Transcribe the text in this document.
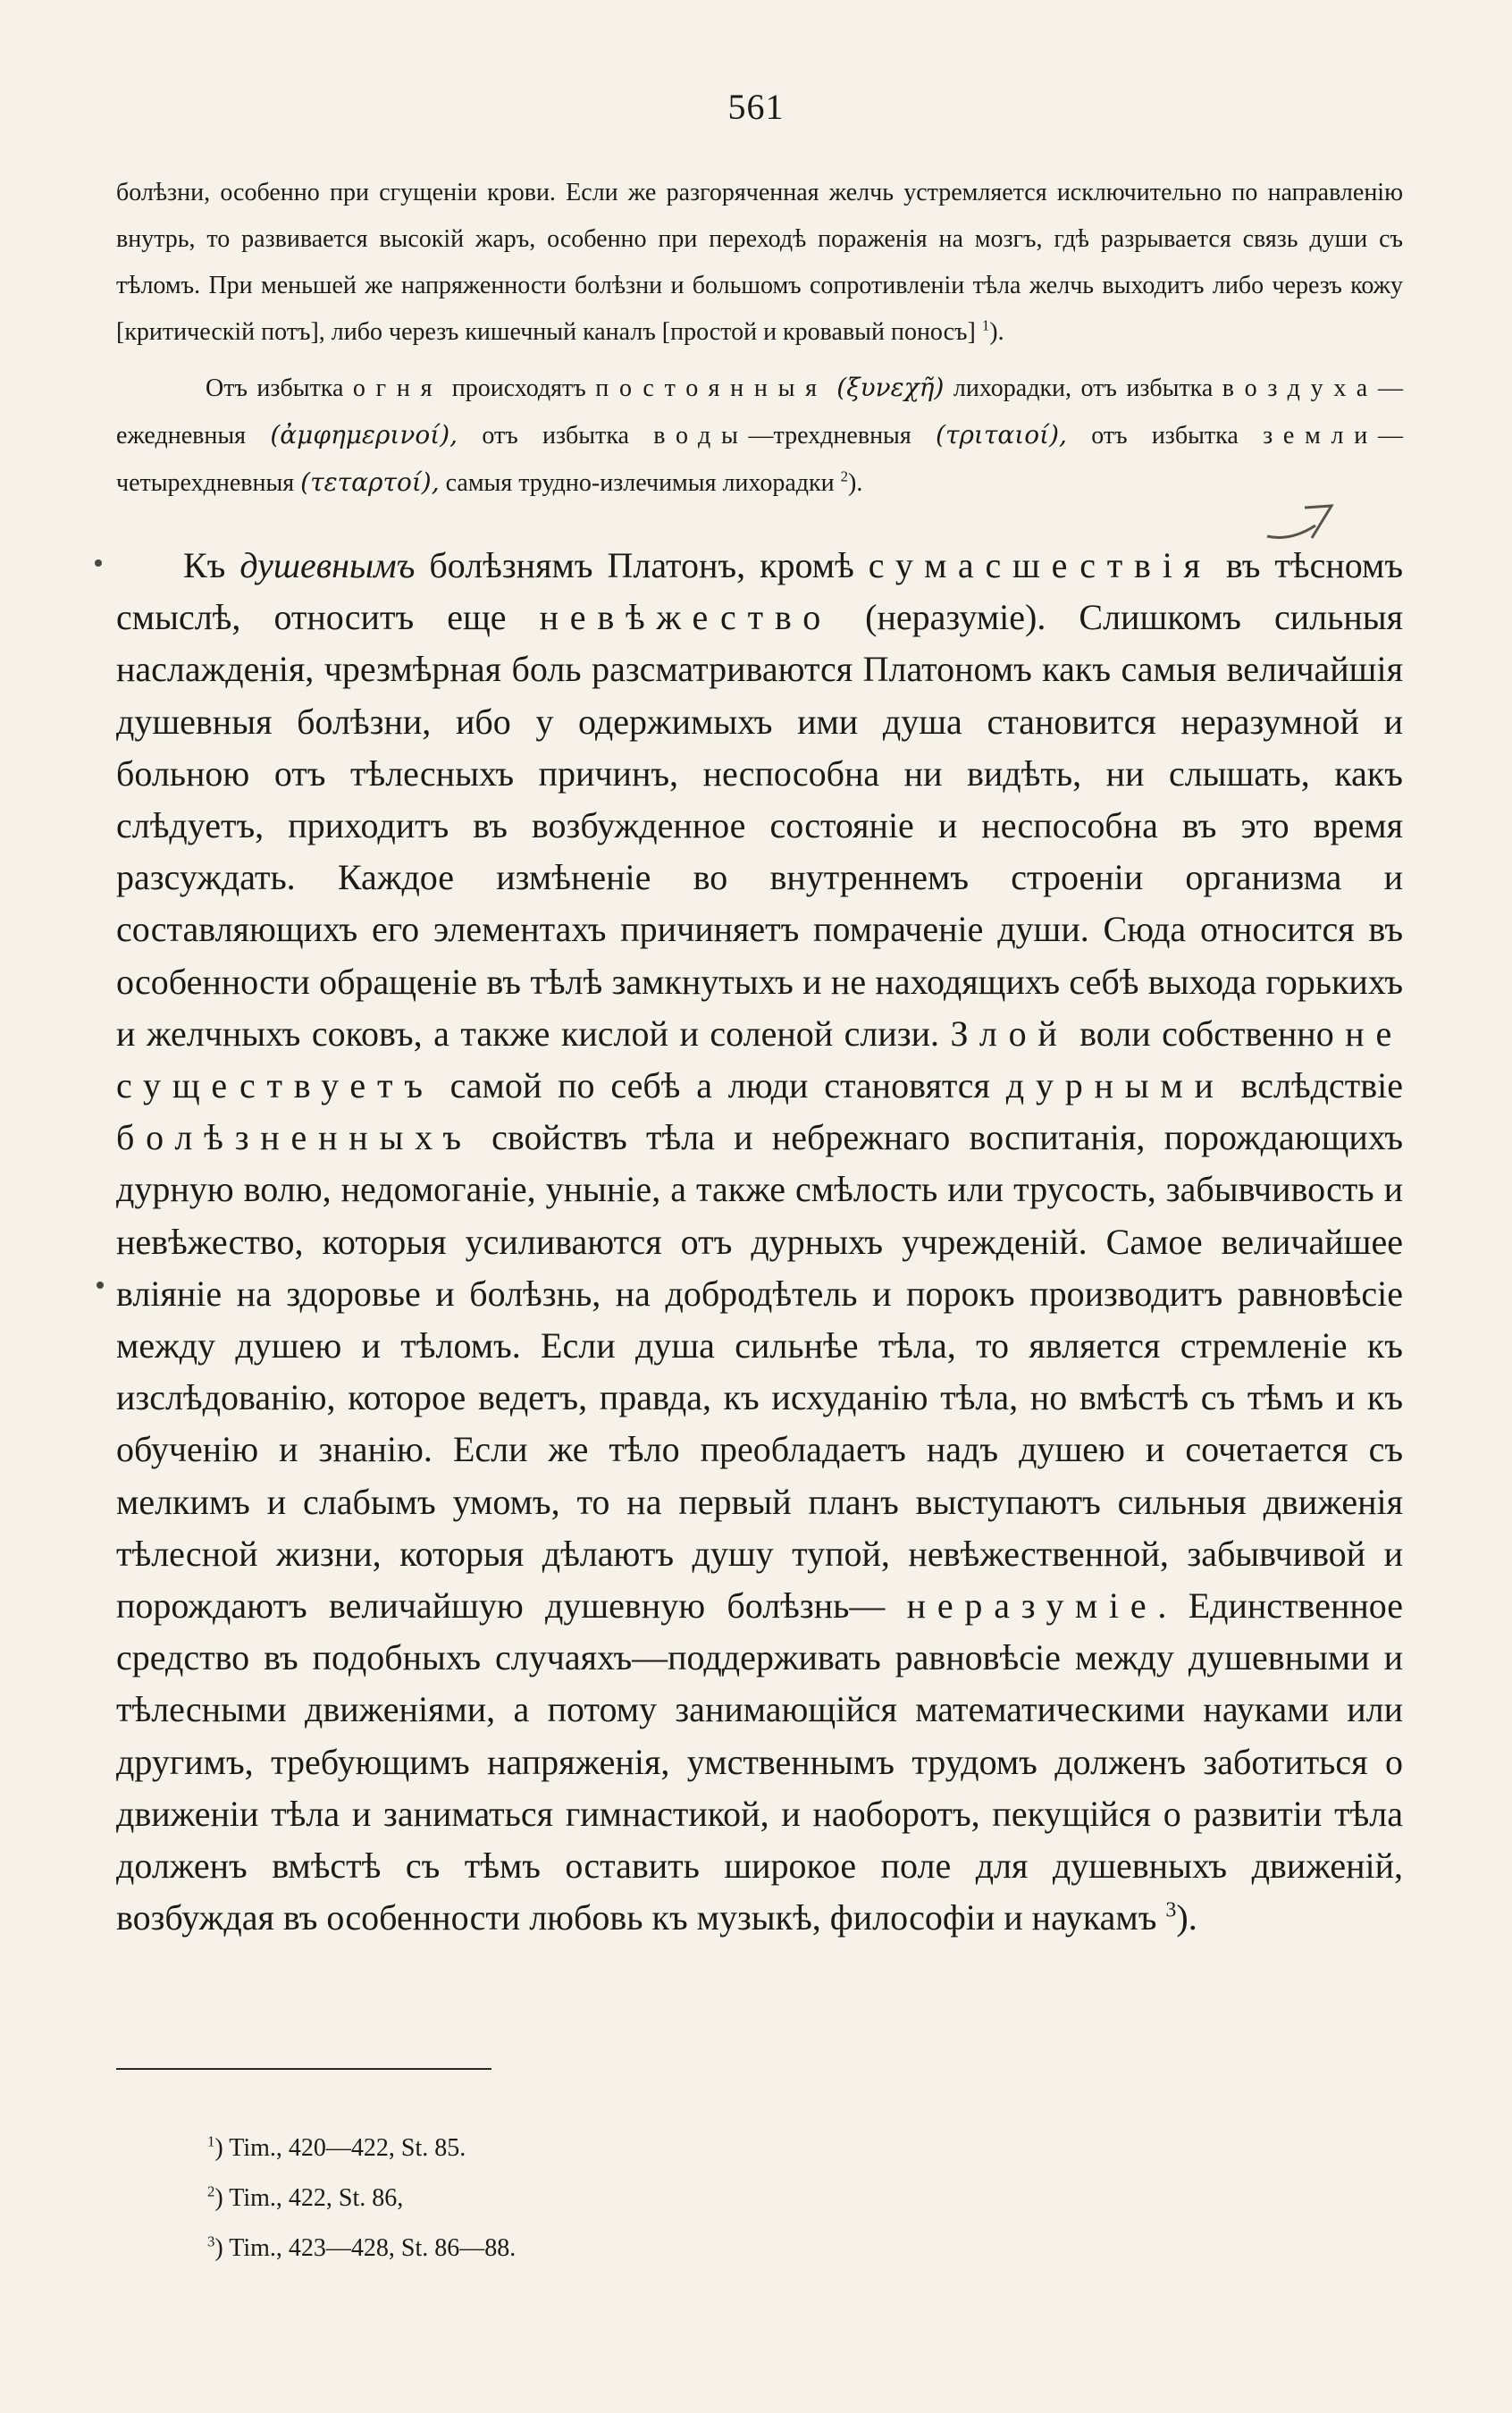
561

болѣзни, особенно при сгущеніи крови. Если же разгоряченная желчь устремляется исключительно по направленію внутрь, то развивается высокій жаръ, особенно при переходѣ пораженія на мозгъ, гдѣ разрывается связь души съ тѣломъ. При меньшей же напряженности болѣзни и большомъ сопротивленіи тѣла желчь выходитъ либо черезъ кожу [критическій потъ], либо черезъ кишечный каналъ [простой и кровавый поносъ] $^1$).

Отъ избытка огня происходятъ постоянныя (ξυνεχῆ) лихорадки, отъ избытка воздуха—ежедневныя (ἀμφημερινοί), отъ избытка воды—трехдневныя (τριταιοί), отъ избытка земли—четырехдневныя (τεταρτοί), самыя трудно-излечимыя лихорадки $^2$).

Къ душевнымъ болѣзнямъ Платонъ, кромѣ сумасшествія въ тѣсномъ смыслѣ, относитъ еще невѣжество (неразуміе). Слишкомъ сильныя наслажденія, чрезмѣрная боль разсматриваются Платономъ какъ самыя величайшія душевныя болѣзни, ибо у одержимыхъ ими душа становится неразумной и больною отъ тѣлесныхъ причинъ, неспособна ни видѣть, ни слышать, какъ слѣдуетъ, приходитъ въ возбужденное состояніе и неспособна въ это время разсуждать. Каждое измѣненіе во внутреннемъ строеніи организма и составляющихъ его элементахъ причиняетъ помраченіе души. Сюда относится въ особенности обращеніе въ тѣлѣ замкнутыхъ и не находящихъ себѣ выхода горькихъ и желчныхъ соковъ, а также кислой и соленой слизи. Злой воли собственно не существуетъ самой по себѣ а люди становятся дурными вслѣдствіе болѣзненныхъ свойствъ тѣла и небрежнаго воспитанія, порождающихъ дурную волю, недомоганіе, уныніе, а также смѣлость или трусость, забывчивость и невѣжество, которыя усиливаются отъ дурныхъ учрежденій. Самое величайшее вліяніе на здоровье и болѣзнь, на добродѣтель и порокъ производитъ равновѣсіе между душею и тѣломъ. Если душа сильнѣе тѣла, то является стремленіе къ изслѣдованію, которое ведетъ, правда, къ исхуданію тѣла, но вмѣстѣ съ тѣмъ и къ обученію и знанію. Если же тѣло преобладаетъ надъ душею и сочетается съ мелкимъ и слабымъ умомъ, то на первый планъ выступаютъ сильныя движенія тѣлесной жизни, которыя дѣлаютъ душу тупой, невѣжественной, забывчивой и порождаютъ величайшую душевную болѣзнь— неразуміе. Единственное средство въ подобныхъ случаяхъ—поддерживать равновѣсіе между душевными и тѣлесными движеніями, а потому занимающійся математическими науками или другимъ, требующимъ напряженія, умственнымъ трудомъ долженъ заботиться о движеніи тѣла и заниматься гимнастикой, и наоборотъ, пекущійся о развитіи тѣла долженъ вмѣстѣ съ тѣмъ оставить широкое поле для душевныхъ движеній, возбуждая въ особенности любовь къ музыкѣ, философіи и наукамъ $^3$).

$^1$) Tim., 420—422, St. 85.
$^2$) Tim., 422, St. 86,
$^3$) Tim., 423—428, St. 86—88.
